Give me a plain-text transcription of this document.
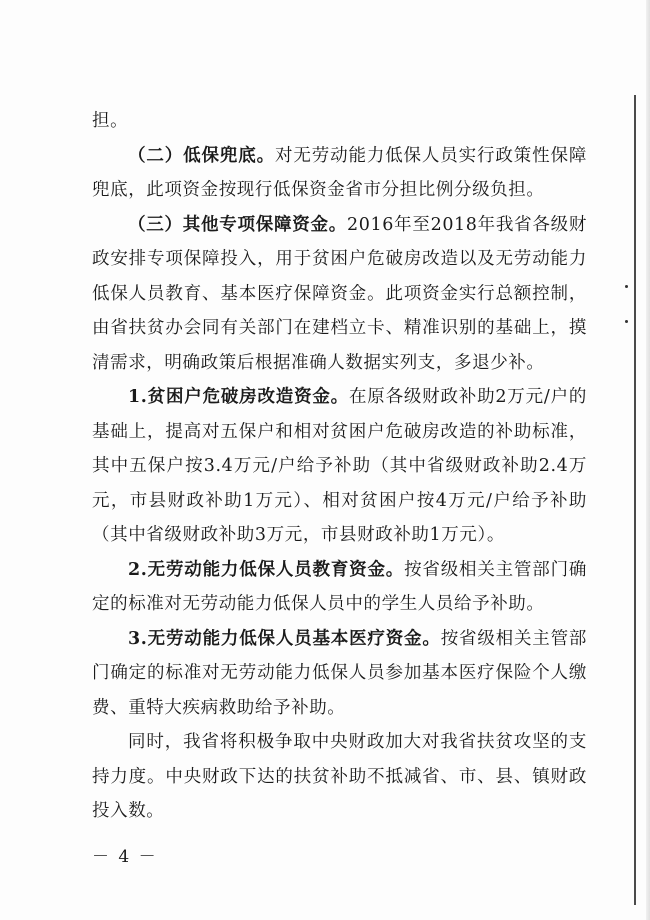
担。

（二）低保兜底。对无劳动能力低保人员实行政策性保障兜底，此项资金按现行低保资金省市分担比例分级负担。

（三）其他专项保障资金。2016年至2018年我省各级财政安排专项保障投入，用于贫困户危破房改造以及无劳动能力低保人员教育、基本医疗保障资金。此项资金实行总额控制，由省扶贫办会同有关部门在建档立卡、精准识别的基础上，摸清需求，明确政策后根据准确人数据实列支，多退少补。

1.贫困户危破房改造资金。在原各级财政补助2万元/户的基础上，提高对五保户和相对贫困户危破房改造的补助标准，其中五保户按3.4万元/户给予补助（其中省级财政补助2.4万元，市县财政补助1万元）、相对贫困户按4万元/户给予补助（其中省级财政补助3万元，市县财政补助1万元）。

2.无劳动能力低保人员教育资金。按省级相关主管部门确定的标准对无劳动能力低保人员中的学生人员给予补助。

3.无劳动能力低保人员基本医疗资金。按省级相关主管部门确定的标准对无劳动能力低保人员参加基本医疗保险个人缴费、重特大疾病救助给予补助。

同时，我省将积极争取中央财政加大对我省扶贫攻坚的支持力度。中央财政下达的扶贫补助不抵减省、市、县、镇财政投入数。

－ 4 －
